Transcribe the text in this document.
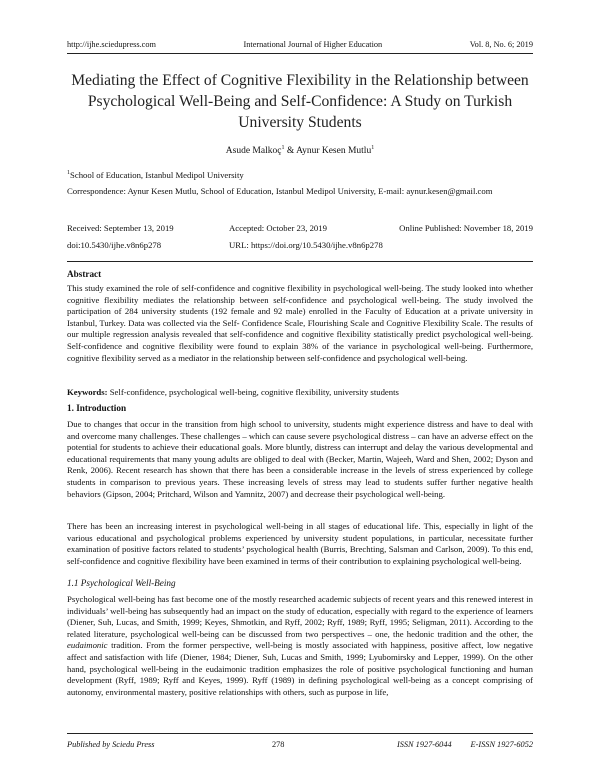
http://ijhe.sciedupress.com	International Journal of Higher Education	Vol. 8, No. 6; 2019
Mediating the Effect of Cognitive Flexibility in the Relationship between Psychological Well-Being and Self-Confidence: A Study on Turkish University Students
Asude Malkoç$^1$ & Aynur Kesen Mutlu$^1$
$^1$School of Education, Istanbul Medipol University
Correspondence: Aynur Kesen Mutlu, School of Education, Istanbul Medipol University, E-mail: aynur.kesen@gmail.com
Received: September 13, 2019	Accepted: October 23, 2019	Online Published: November 18, 2019
doi:10.5430/ijhe.v8n6p278	URL: https://doi.org/10.5430/ijhe.v8n6p278
Abstract
This study examined the role of self-confidence and cognitive flexibility in psychological well-being. The study looked into whether cognitive flexibility mediates the relationship between self-confidence and psychological well-being. The study involved the participation of 284 university students (192 female and 92 male) enrolled in the Faculty of Education at a private university in Istanbul, Turkey. Data was collected via the Self- Confidence Scale, Flourishing Scale and Cognitive Flexibility Scale. The results of our multiple regression analysis revealed that self-confidence and cognitive flexibility statistically predict psychological well-being. Self-confidence and cognitive flexibility were found to explain 38% of the variance in psychological well-being. Furthermore, cognitive flexibility served as a mediator in the relationship between self-confidence and psychological well-being.
Keywords: Self-confidence, psychological well-being, cognitive flexibility, university students
1. Introduction
Due to changes that occur in the transition from high school to university, students might experience distress and have to deal with and overcome many challenges. These challenges – which can cause severe psychological distress – can have an adverse effect on the potential for students to achieve their educational goals. More bluntly, distress can interrupt and delay the various developmental and educational requirements that many young adults are obliged to deal with (Becker, Martin, Wajeeh, Ward and Shen, 2002; Dyson and Renk, 2006). Recent research has shown that there has been a considerable increase in the levels of stress experienced by college students in comparison to previous years. These increasing levels of stress may lead to students suffer further negative health behaviors (Gipson, 2004; Pritchard, Wilson and Yamnitz, 2007) and decrease their psychological well-being.
There has been an increasing interest in psychological well-being in all stages of educational life. This, especially in light of the various educational and psychological problems experienced by university student populations, in particular, necessitate further examination of positive factors related to students’ psychological health (Burris, Brechting, Salsman and Carlson, 2009). To this end, self-confidence and cognitive flexibility have been examined in terms of their contribution to explaining psychological well-being.
1.1 Psychological Well-Being
Psychological well-being has fast become one of the mostly researched academic subjects of recent years and this renewed interest in individuals’ well-being has subsequently had an impact on the study of education, especially with regard to the experience of learners (Diener, Suh, Lucas, and Smith, 1999; Keyes, Shmotkin, and Ryff, 2002; Ryff, 1989; Ryff, 1995; Seligman, 2011). According to the related literature, psychological well-being can be discussed from two perspectives – one, the hedonic tradition and the other, the eudaimonic tradition. From the former perspective, well-being is mostly associated with happiness, positive affect, low negative affect and satisfaction with life (Diener, 1984; Diener, Suh, Lucas and Smith, 1999; Lyubomirsky and Lepper, 1999). On the other hand, psychological well-being in the eudaimonic tradition emphasizes the role of positive psychological functioning and human development (Ryff, 1989; Ryff and Keyes, 1999). Ryff (1989) in defining psychological well-being as a concept comprising of autonomy, environmental mastery, positive relationships with others, such as purpose in life,
Published by Sciedu Press	278	ISSN 1927-6044 E-ISSN 1927-6052
